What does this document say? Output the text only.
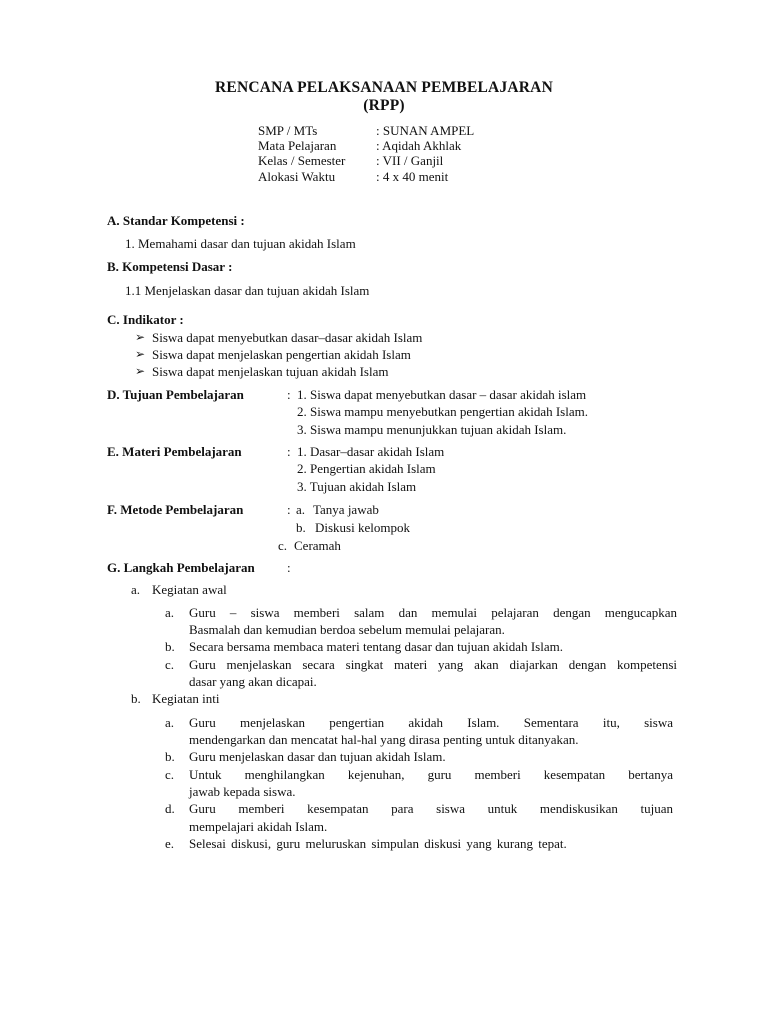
RENCANA PELAKSANAAN PEMBELAJARAN
(RPP)
SMP / MTs	: SUNAN AMPEL
Mata Pelajaran	: Aqidah Akhlak
Kelas / Semester : VII / Ganjil
Alokasi Waktu	: 4 x 40 menit
A. Standar Kompetensi :
1. Memahami dasar dan tujuan akidah Islam
B. Kompetensi Dasar :
1.1 Menjelaskan dasar dan tujuan akidah Islam
C. Indikator :
➢ Siswa dapat menyebutkan dasar–dasar akidah Islam
➢ Siswa dapat menjelaskan pengertian akidah Islam
➢ Siswa dapat menjelaskan tujuan akidah Islam
D. Tujuan Pembelajaran	: 1. Siswa dapat menyebutkan dasar – dasar akidah islam
2. Siswa mampu menyebutkan pengertian akidah Islam.
3. Siswa mampu menunjukkan tujuan akidah Islam.
E. Materi Pembelajaran	: 1. Dasar–dasar akidah Islam
2. Pengertian akidah Islam
3. Tujuan akidah Islam
F. Metode Pembelajaran	: a. Tanya jawab
b. Diskusi kelompok
c. Ceramah
G. Langkah Pembelajaran :
a. Kegiatan awal
a. Guru – siswa memberi salam dan memulai pelajaran dengan mengucapkan
Basmalah dan kemudian berdoa sebelum memulai pelajaran.
b. Secara bersama membaca materi tentang dasar dan tujuan akidah Islam.
c. Guru menjelaskan secara singkat materi yang akan diajarkan dengan kompetensi
dasar yang akan dicapai.
b. Kegiatan inti
a. Guru menjelaskan pengertian akidah Islam. Sementara itu, siswa
mendengarkan dan mencatat hal-hal yang dirasa penting untuk ditanyakan.
b. Guru menjelaskan dasar dan tujuan akidah Islam.
c. Untuk menghilangkan kejenuhan, guru memberi kesempatan bertanya
jawab kepada siswa.
d. Guru memberi kesempatan para siswa untuk mendiskusikan tujuan
mempelajari akidah Islam.
e. Selesai diskusi, guru meluruskan simpulan diskusi yang kurang tepat.
